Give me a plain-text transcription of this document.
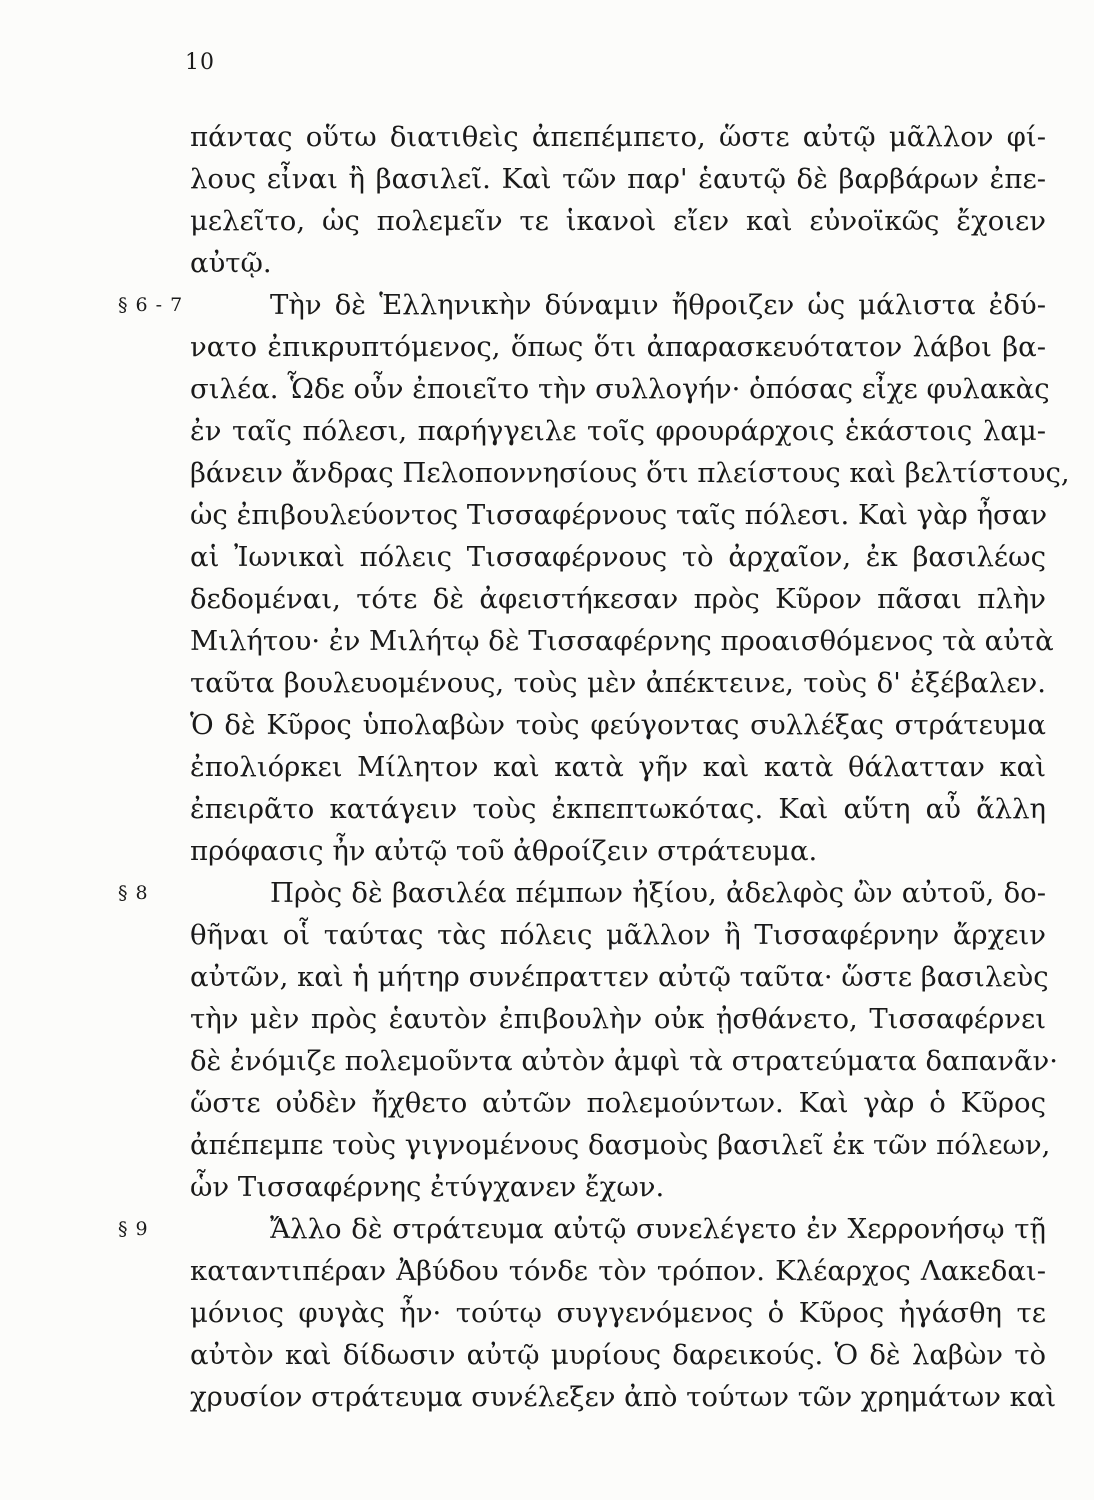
10
πάντας οὕτω διατιθεὶς ἀπεπέμπετο, ὥστε αὐτῷ μᾶλλον φί-
λους εἶναι ἢ βασιλεῖ. Καὶ τῶν παρ' ἑαυτῷ δὲ βαρβάρων ἐπε-
μελεῖτο, ὡς πολεμεῖν τε ἱκανοὶ εἴεν καὶ εὐνοϊκῶς ἔχοιεν
αὐτῷ.
§ 6 - 7	Τὴν δὲ Ἑλληνικὴν δύναμιν ἤθροιζεν ὡς μάλιστα ἐδύ-
νατο ἐπικρυπτόμενος, ὅπως ὅτι ἀπαρασκευότατον λάβοι βα-
σιλέα. Ὧδε οὖν ἐποιεῖτο τὴν συλλογήν· ὁπόσας εἶχε φυλακὰς
ἐν ταῖς πόλεσι, παρήγγειλε τοῖς φρουράρχοις ἑκάστοις λαμ-
βάνειν ἄνδρας Πελοποννησίους ὅτι πλείστους καὶ βελτίστους,
ὡς ἐπιβουλεύοντος Τισσαφέρνους ταῖς πόλεσι. Καὶ γὰρ ἦσαν
αἱ Ἰωνικαὶ πόλεις Τισσαφέρνους τὸ ἀρχαῖον, ἐκ βασιλέως
δεδομέναι, τότε δὲ ἀφειστήκεσαν πρὸς Κῦρον πᾶσαι πλὴν
Μιλήτου· ἐν Μιλήτῳ δὲ Τισσαφέρνης προαισθόμενος τὰ αὐτὰ
ταῦτα βουλευομένους, τοὺς μὲν ἀπέκτεινε, τοὺς δ' ἐξέβαλεν.
Ὁ δὲ Κῦρος ὑπολαβὼν τοὺς φεύγοντας συλλέξας στράτευμα
ἐπολιόρκει Μίλητον καὶ κατὰ γῆν καὶ κατὰ θάλατταν καὶ
ἐπειρᾶτο κατάγειν τοὺς ἐκπεπτωκότας. Καὶ αὕτη αὖ ἄλλη
πρόφασις ἦν αὐτῷ τοῦ ἀθροίζειν στράτευμα.
§ 8	Πρὸς δὲ βασιλέα πέμπων ἠξίου, ἀδελφὸς ὢν αὐτοῦ, δο-
θῆναι οἷ ταύτας τὰς πόλεις μᾶλλον ἢ Τισσαφέρνην ἄρχειν
αὐτῶν, καὶ ἡ μήτηρ συνέπραττεν αὐτῷ ταῦτα· ὥστε βασιλεὺς
τὴν μὲν πρὸς ἑαυτὸν ἐπιβουλὴν οὐκ ᾐσθάνετο, Τισσαφέρνει
δὲ ἐνόμιζε πολεμοῦντα αὐτὸν ἀμφὶ τὰ στρατεύματα δαπανᾶν·
ὥστε οὐδὲν ἤχθετο αὐτῶν πολεμούντων. Καὶ γὰρ ὁ Κῦρος
ἀπέπεμπε τοὺς γιγνομένους δασμοὺς βασιλεῖ ἐκ τῶν πόλεων,
ὧν Τισσαφέρνης ἐτύγχανεν ἔχων.
§ 9	Ἄλλο δὲ στράτευμα αὐτῷ συνελέγετο ἐν Χερρονήσῳ τῇ
καταντιπέραν Ἀβύδου τόνδε τὸν τρόπον. Κλέαρχος Λακεδαι-
μόνιος φυγὰς ἦν· τούτῳ συγγενόμενος ὁ Κῦρος ἠγάσθη τε
αὐτὸν καὶ δίδωσιν αὐτῷ μυρίους δαρεικούς. Ὁ δὲ λαβὼν τὸ
χρυσίον στράτευμα συνέλεξεν ἀπὸ τούτων τῶν χρημάτων καὶ
